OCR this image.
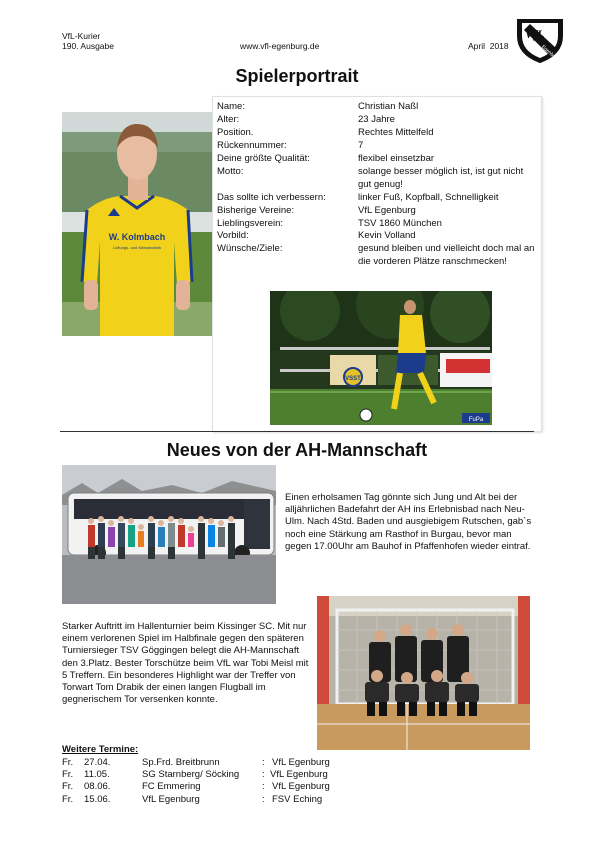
VfL-Kurier
190. Ausgabe	www.vfl-egenburg.de	April  2018
VfL
Egenburg
Spielerportrait
W. Kolmbach
Lüftungs- und Klimatechnik
Name:	Christian Naßl
Alter:	23 Jahre
Position.	Rechtes Mittelfeld
Rückennummer:	7
Deine größte Qualität:	flexibel einsetzbar
Motto:	solange besser möglich ist, ist gut nicht gut genug!
Das sollte ich verbessern:	linker Fuß, Kopfball, Schnelligkeit
Bisherige Vereine:	VfL Egenburg
Lieblingsverein:	TSV 1860 München
Vorbild:	Kevin Volland
Wünsche/Ziele:	gesund bleiben und vielleicht doch mal an die vorderen Plätze ranschmecken!
VSST
FuPa
Neues von der AH-Mannschaft
Einen erholsamen Tag gönnte sich Jung und Alt bei der alljährlichen Badefahrt der AH ins Erlebnisbad nach Neu-Ulm. Nach 4Std. Baden und ausgiebigem Rutschen, gab`s noch eine Stärkung am Rasthof in Burgau, bevor man gegen 17.00Uhr am Bauhof in Pfaffenhofen wieder eintraf.
Starker Auftritt im Hallenturnier beim Kissinger SC. Mit nur einem verlorenen Spiel im Halbfinale gegen den späteren Turniersieger TSV Göggingen belegt die AH-Mannschaft den 3.Platz. Bester Torschütze beim VfL war Tobi Meisl mit 5 Treffern. Ein besonderes Highlight war der Treffer von Torwart Tom Drabik der einen langen Flugball im gegnerischem Tor versenken konnte.
Weitere Termine:
Fr. 27.04.	Sp.Frd. Breitbrunn	: VfL Egenburg
Fr. 11.05.	SG Starnberg/ Söcking : VfL Egenburg
Fr. 08.06.	FC Emmering	: VfL Egenburg
Fr. 15.06.	VfL Egenburg	: FSV Eching
